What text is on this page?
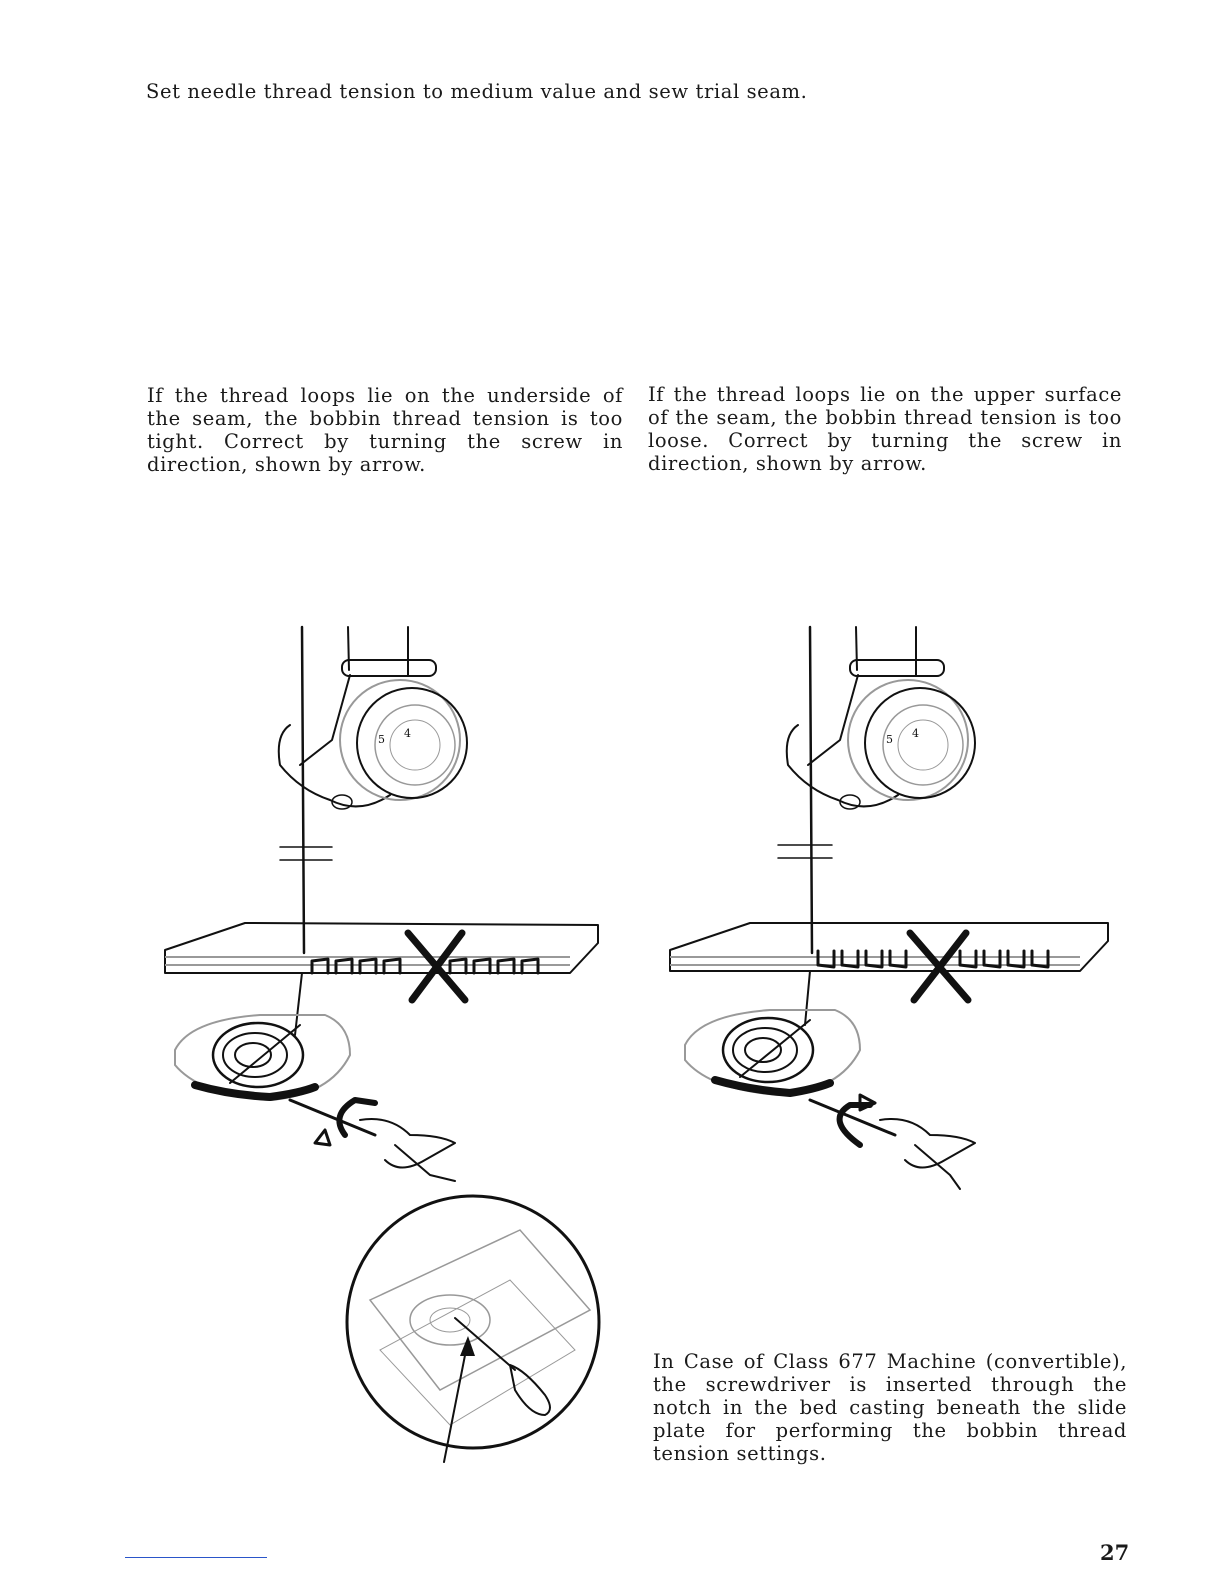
Set needle thread tension to medium value and sew trial seam.
If the thread loops lie on the underside of the seam, the bobbin thread tension is too tight. Correct by turning the screw in direction, shown by arrow.
If the thread loops lie on the upper surface of the seam, the bobbin thread tension is too loose. Correct by turning the screw in direction, shown by arrow.
5 4	5 4
In Case of Class 677 Machine (convertible), the screwdriver is inserted through the notch in the bed casting beneath the slide plate for performing the bobbin thread tension settings.
27
